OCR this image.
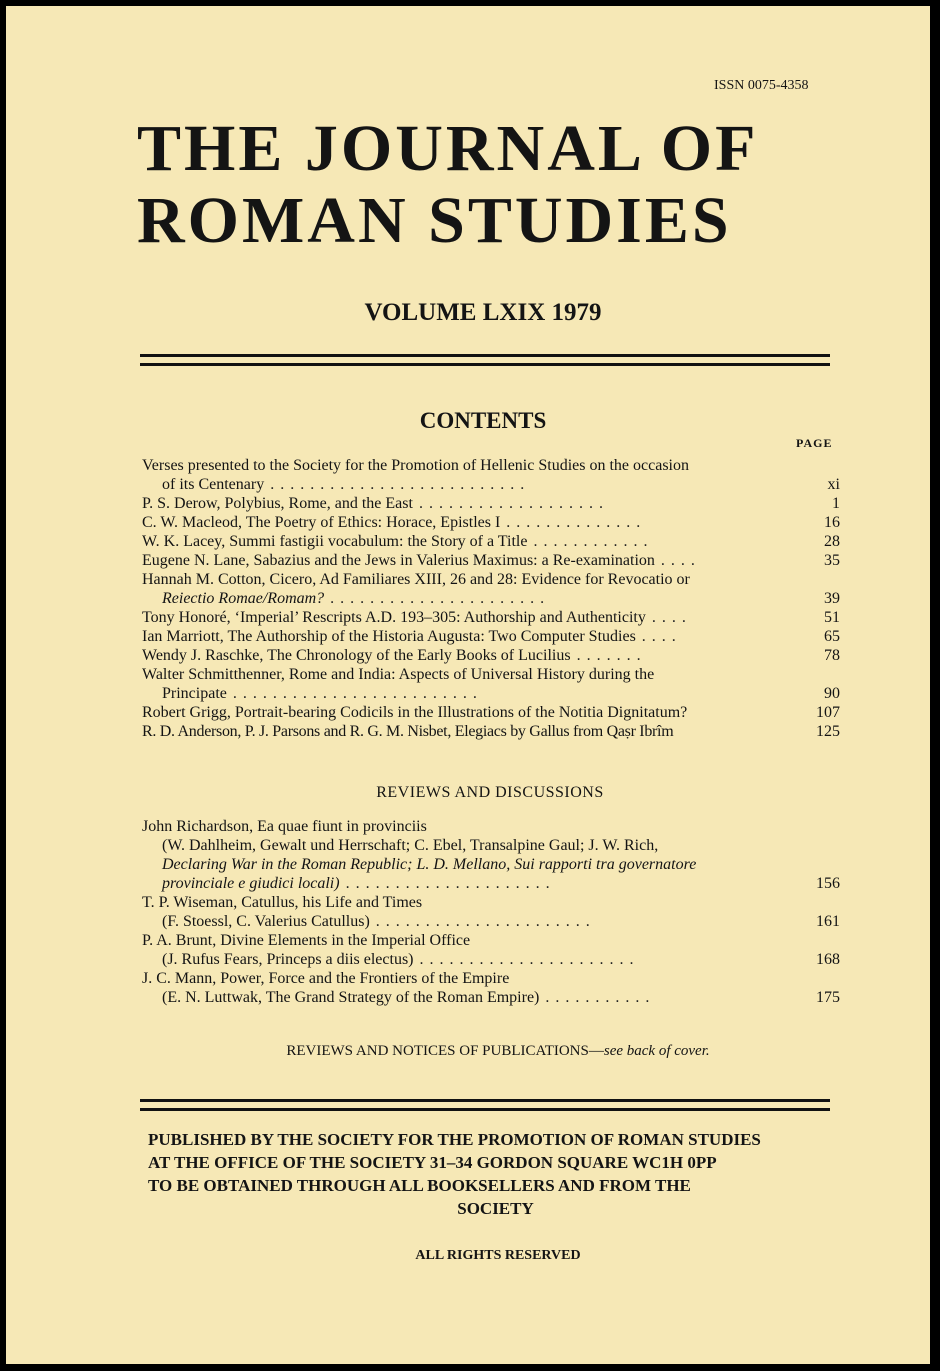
ISSN 0075-4358
THE JOURNAL OF
ROMAN STUDIES
VOLUME LXIX 1979
CONTENTS
PAGE
Verses presented to the Society for the Promotion of Hellenic Studies on the occasion
of its Centenary . . . . . . . . . . . . . . . . . . . . . . . . . .	xi
P. S. Derow, Polybius, Rome, and the East . . . . . . . . . . . . . . . . . . .	1
C. W. Macleod, The Poetry of Ethics: Horace, Epistles I . . . . . . . . . . . . . .	16
W. K. Lacey, Summi fastigii vocabulum: the Story of a Title . . . . . . . . . . . .	28
Eugene N. Lane, Sabazius and the Jews in Valerius Maximus: a Re-examination . . . .	35
Hannah M. Cotton, Cicero, Ad Familiares XIII, 26 and 28: Evidence for Revocatio or
Reiectio Romae/Romam? . . . . . . . . . . . . . . . . . . . . . .	39
Tony Honoré, ‘Imperial’ Rescripts A.D. 193–305: Authorship and Authenticity . . . .	51
Ian Marriott, The Authorship of the Historia Augusta: Two Computer Studies . . . .	65
Wendy J. Raschke, The Chronology of the Early Books of Lucilius . . . . . . .	78
Walter Schmitthenner, Rome and India: Aspects of Universal History during the
Principate . . . . . . . . . . . . . . . . . . . . . . . . .	90
Robert Grigg, Portrait-bearing Codicils in the Illustrations of the Notitia Dignitatum?	107
R. D. Anderson, P. J. Parsons and R. G. M. Nisbet, Elegiacs by Gallus from Qaṣr Ibrîm	125
REVIEWS AND DISCUSSIONS
John Richardson, Ea quae fiunt in provinciis
(W. Dahlheim, Gewalt und Herrschaft; C. Ebel, Transalpine Gaul; J. W. Rich,
Declaring War in the Roman Republic; L. D. Mellano, Sui rapporti tra governatore
provinciale e giudici locali) . . . . . . . . . . . . . . . . . . . . .	156
T. P. Wiseman, Catullus, his Life and Times
(F. Stoessl, C. Valerius Catullus) . . . . . . . . . . . . . . . . . . . . . .	161
P. A. Brunt, Divine Elements in the Imperial Office
(J. Rufus Fears, Princeps a diis electus) . . . . . . . . . . . . . . . . . . . . . .	168
J. C. Mann, Power, Force and the Frontiers of the Empire
(E. N. Luttwak, The Grand Strategy of the Roman Empire) . . . . . . . . . . .	175
REVIEWS AND NOTICES OF PUBLICATIONS—see back of cover.
PUBLISHED BY THE SOCIETY FOR THE PROMOTION OF ROMAN STUDIES
AT THE OFFICE OF THE SOCIETY 31–34 GORDON SQUARE WC1H 0PP
TO BE OBTAINED THROUGH ALL BOOKSELLERS AND FROM THE
SOCIETY
ALL RIGHTS RESERVED
